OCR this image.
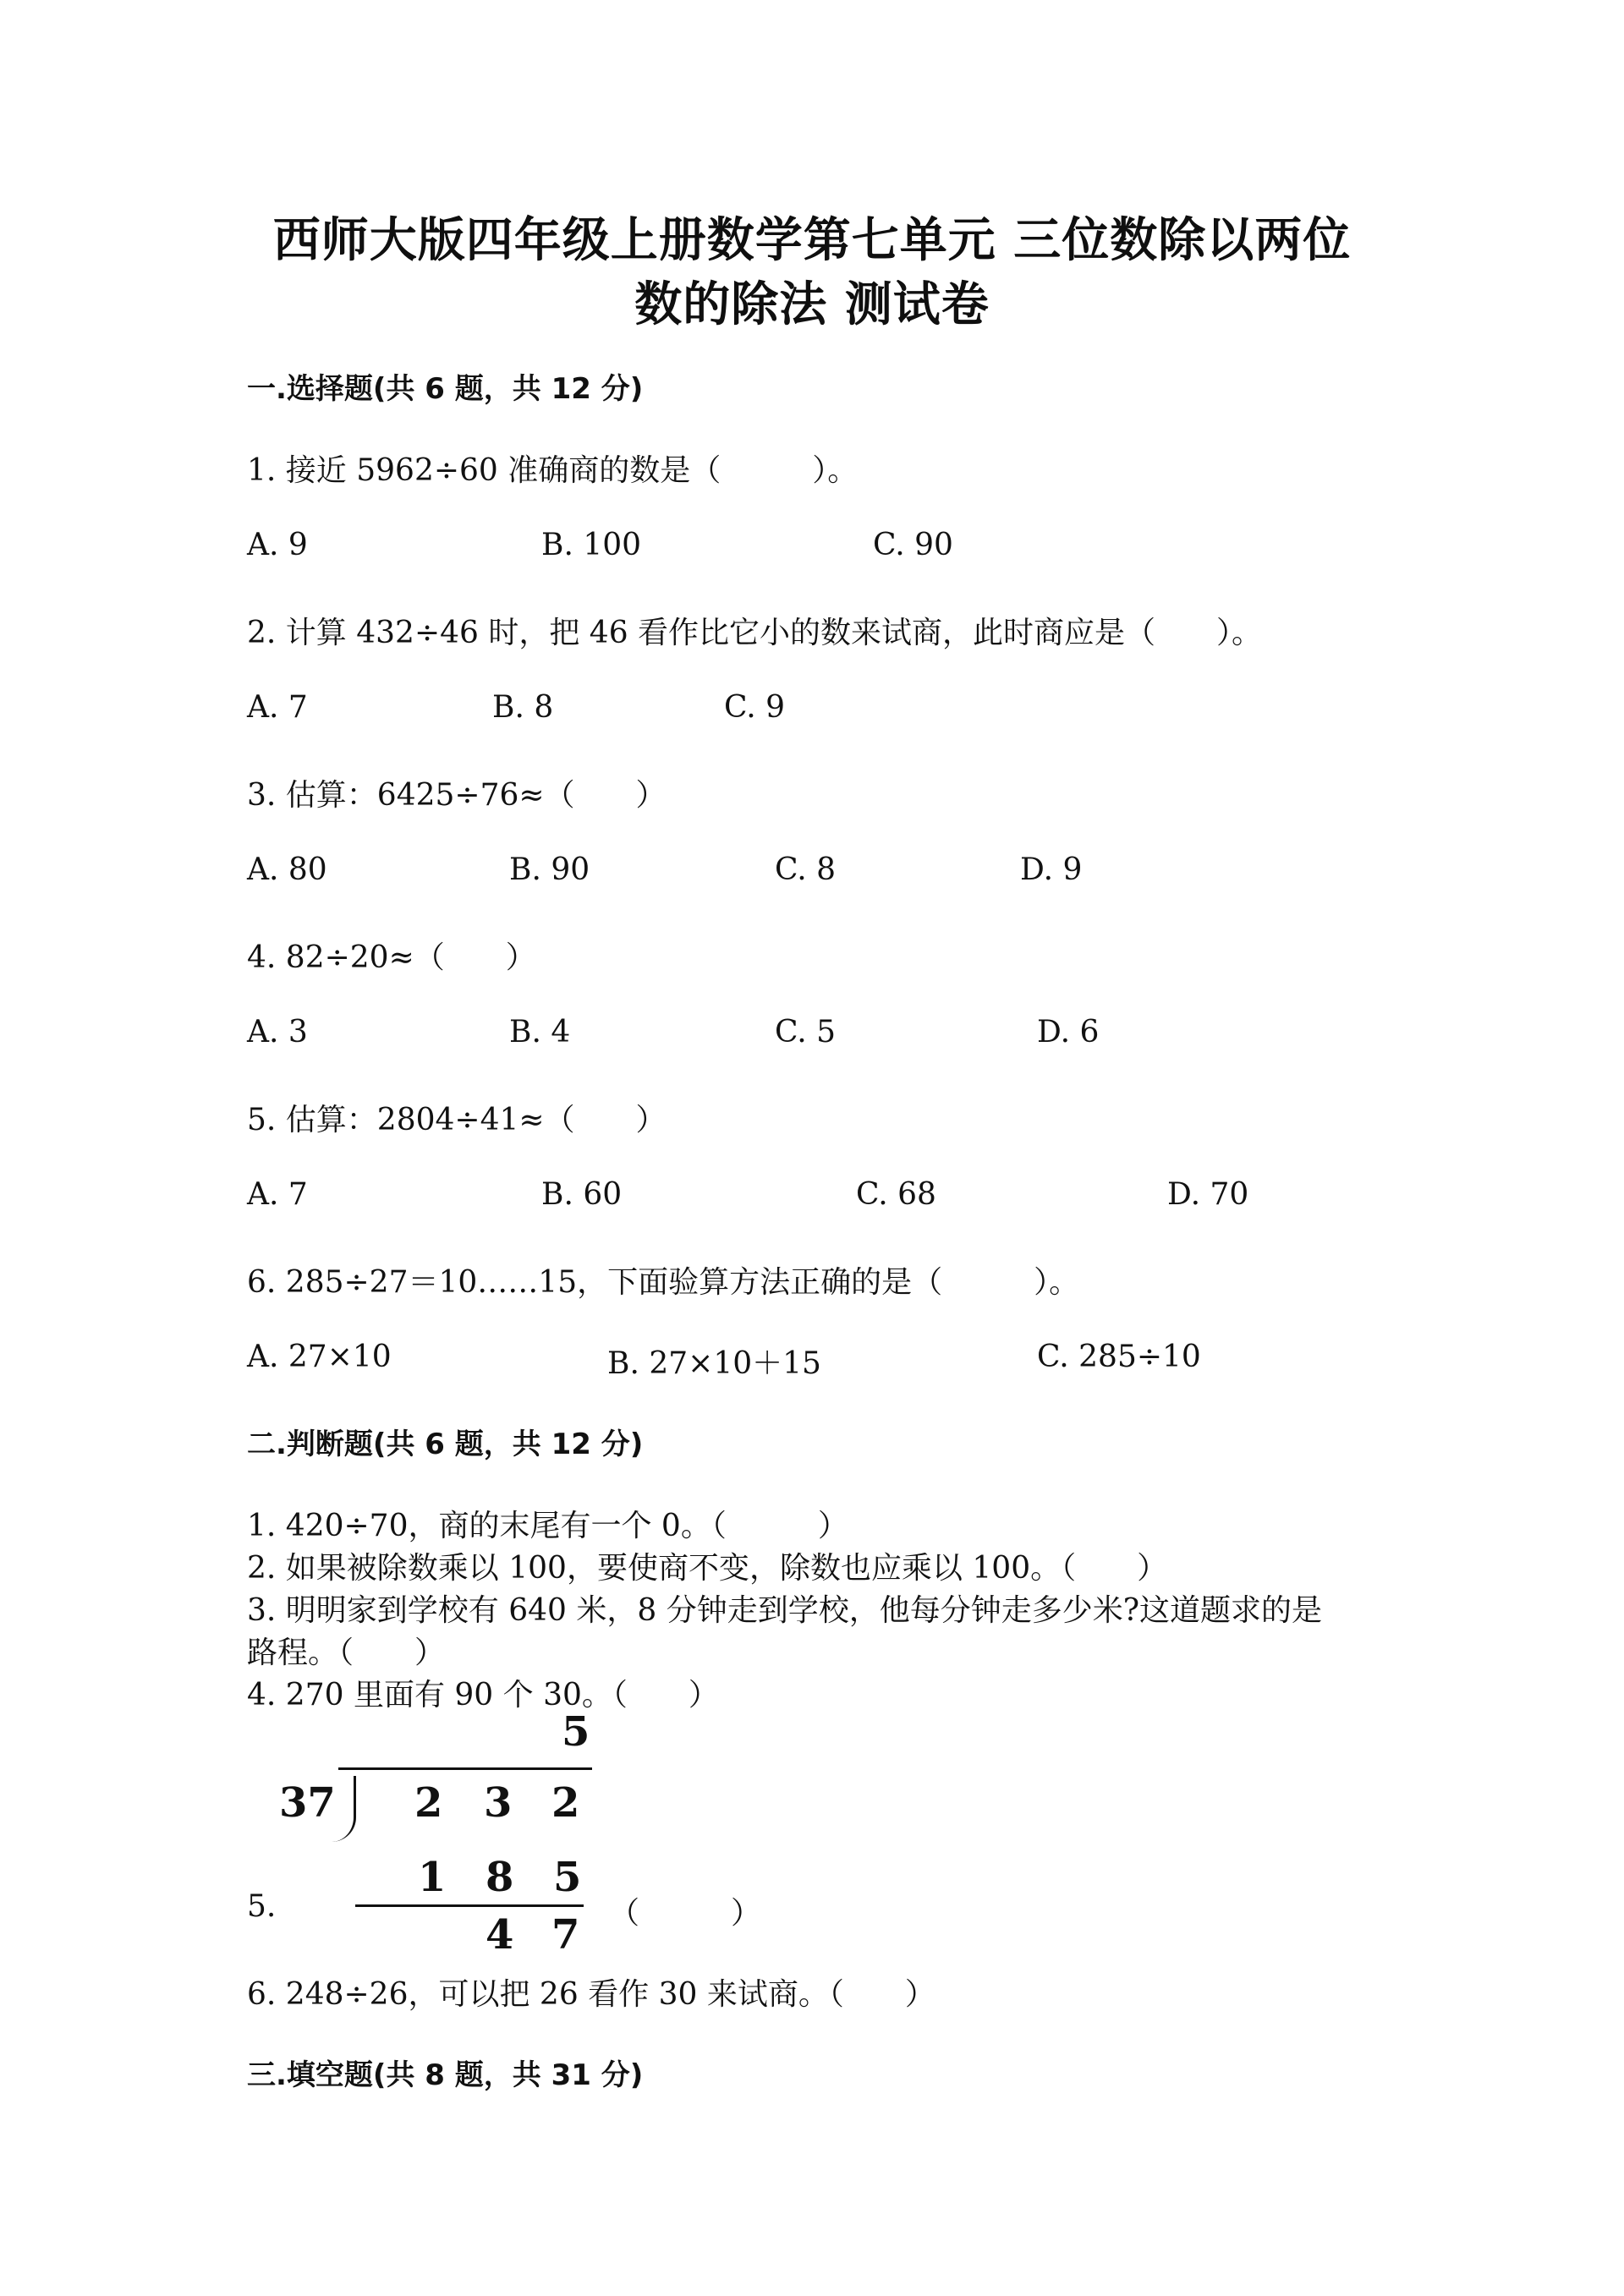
西师大版四年级上册数学第七单元 三位数除以两位
数的除法 测试卷
一.选择题(共 6 题，共 12 分)
1. 接近 5962÷60 准确商的数是（　　　）。
A. 9	B. 100	C. 90
2. 计算 432÷46 时，把 46 看作比它小的数来试商，此时商应是（　　）。
A. 7	B. 8	C. 9
3. 估算：6425÷76≈（　　）
A. 80	B. 90	C. 8	D. 9
4. 82÷20≈（　　）
A. 3	B. 4	C. 5	D. 6
5. 估算：2804÷41≈（　　）
A. 7	B. 60	C. 68	D. 70
6. 285÷27＝10……15，下面验算方法正确的是（　　　）。
A. 27×10	B. 27×10＋15	C. 285÷10
二.判断题(共 6 题，共 12 分)
1. 420÷70，商的末尾有一个 0。（　　　）
2. 如果被除数乘以 100，要使商不变，除数也应乘以 100。（　　）
3. 明明家到学校有 640 米，8 分钟走到学校，他每分钟走多少米?这道题求的是
路程。（　　）
4. 270 里面有 90 个 30。（　　）
5
37 2 3 2
1 8 5
4 7
5.	（　　　）
6. 248÷26，可以把 26 看作 30 来试商。（　　）
三.填空题(共 8 题，共 31 分)
